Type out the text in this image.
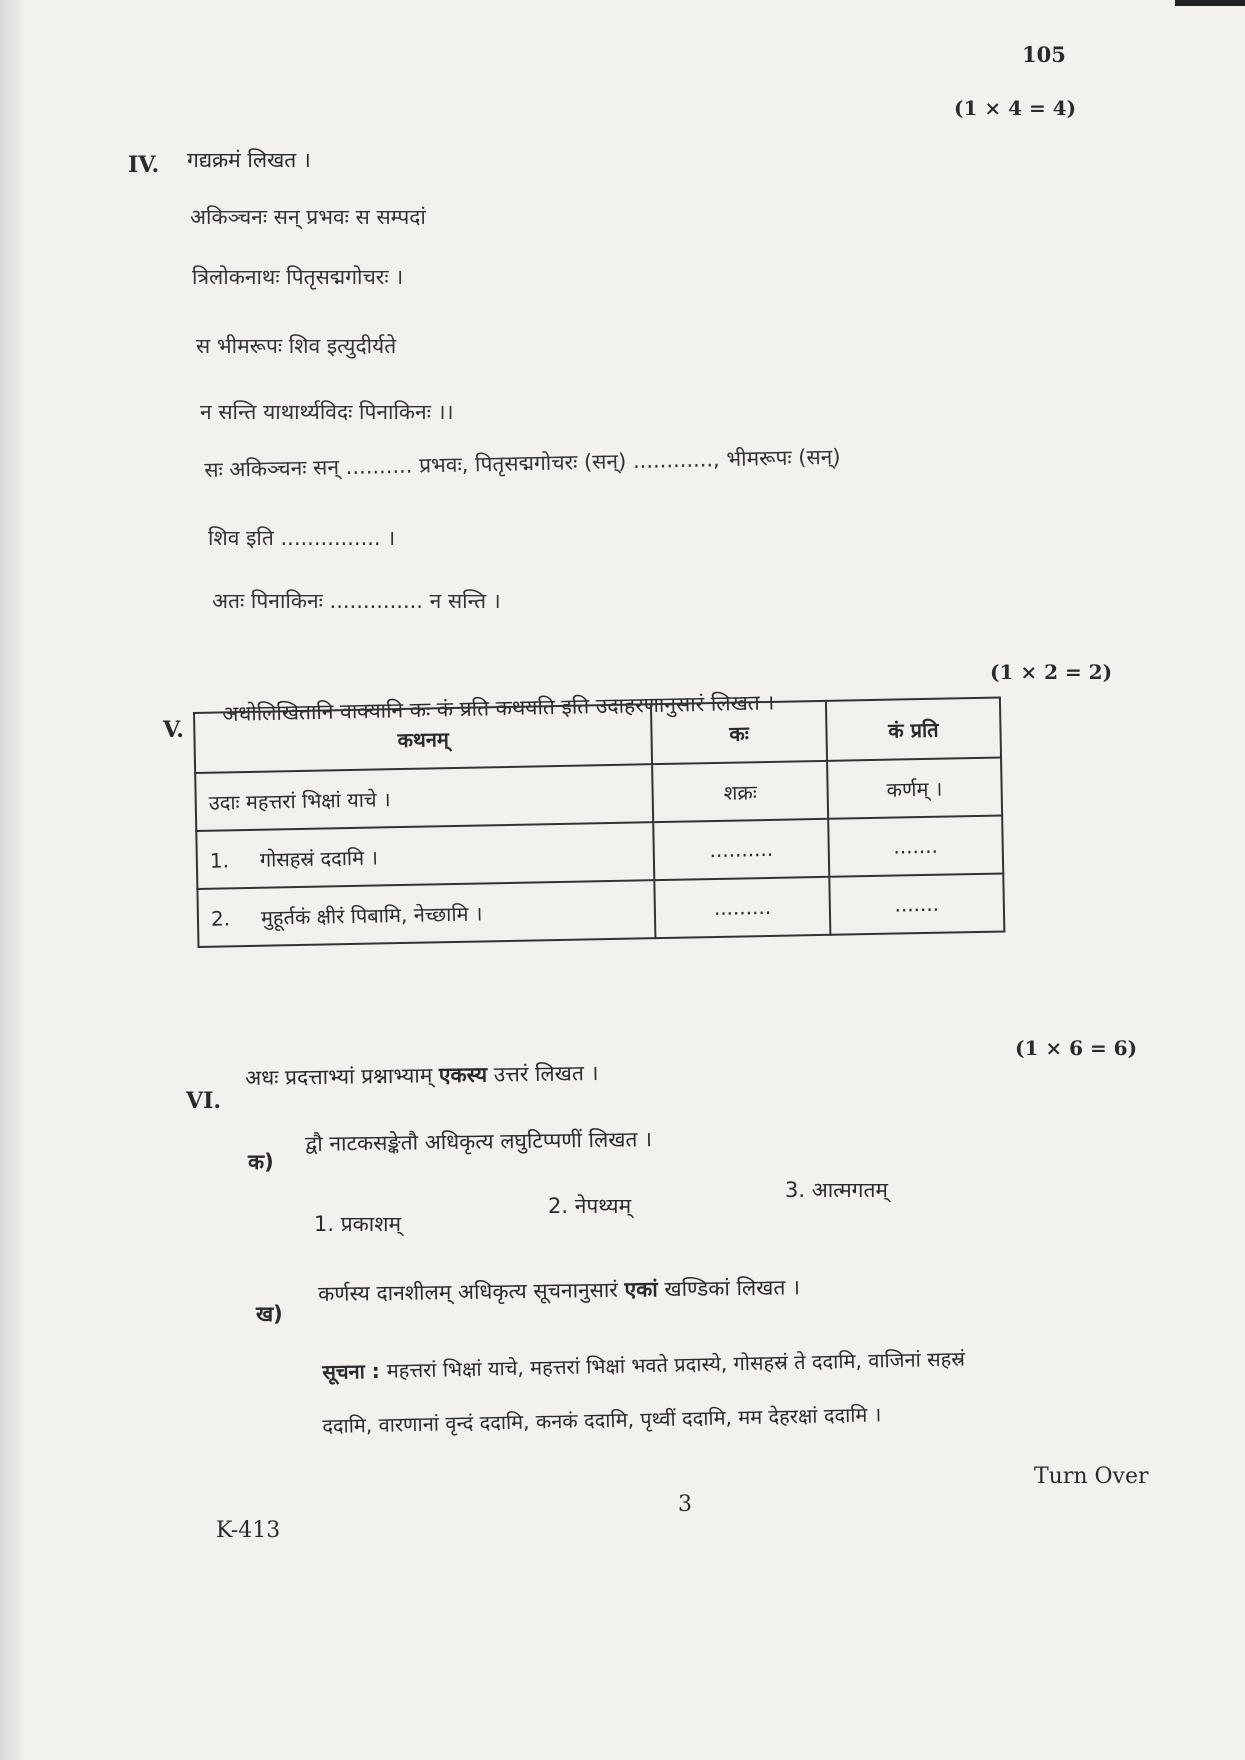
105
(1 × 4 = 4)
IV. गद्यक्रमं लिखत ।
अकिञ्चनः सन् प्रभवः स सम्पदां
त्रिलोकनाथः पितृसद्मगोचरः ।
स भीमरूपः शिव इत्युदीर्यते
न सन्ति याथार्थ्यविदः पिनाकिनः ।।
सः अकिञ्चनः सन् .......... प्रभवः, पितृसद्मगोचरः (सन्) ............, भीमरूपः (सन्)
शिव इति ............... ।
अतः पिनाकिनः .............. न सन्ति ।
(1 × 2 = 2)
V.
अधोलिखितानि वाक्यानि कः कं प्रति कथयति इति उदाहरणानुसारं लिखत ।
कथनम्	कः	कं प्रति
उदाः महत्तरां भिक्षां याचे ।	शक्रः	कर्णम् ।
1. गोसहस्रं ददामि ।	..........	.......
2. मुहूर्तकं क्षीरं पिबामि, नेच्छामि ।	.........	.......
(1 × 6 = 6)
VI.
अधः प्रदत्ताभ्यां प्रश्नाभ्याम् एकस्य उत्तरं लिखत ।
क)
द्वौ नाटकसङ्केतौ अधिकृत्य लघुटिप्पणीं लिखत ।
1. प्रकाशम्
2. नेपथ्यम्
3. आत्मगतम्
ख)
कर्णस्य दानशीलम् अधिकृत्य सूचनानुसारं एकां खण्डिकां लिखत ।
सूचना : महत्तरां भिक्षां याचे, महत्तरां भिक्षां भवते प्रदास्ये, गोसहस्रं ते ददामि, वाजिनां सहस्रं
ददामि, वारणानां वृन्दं ददामि, कनकं ददामि, पृथ्वीं ददामि, मम देहरक्षां ददामि ।
Turn Over
3
K-413
